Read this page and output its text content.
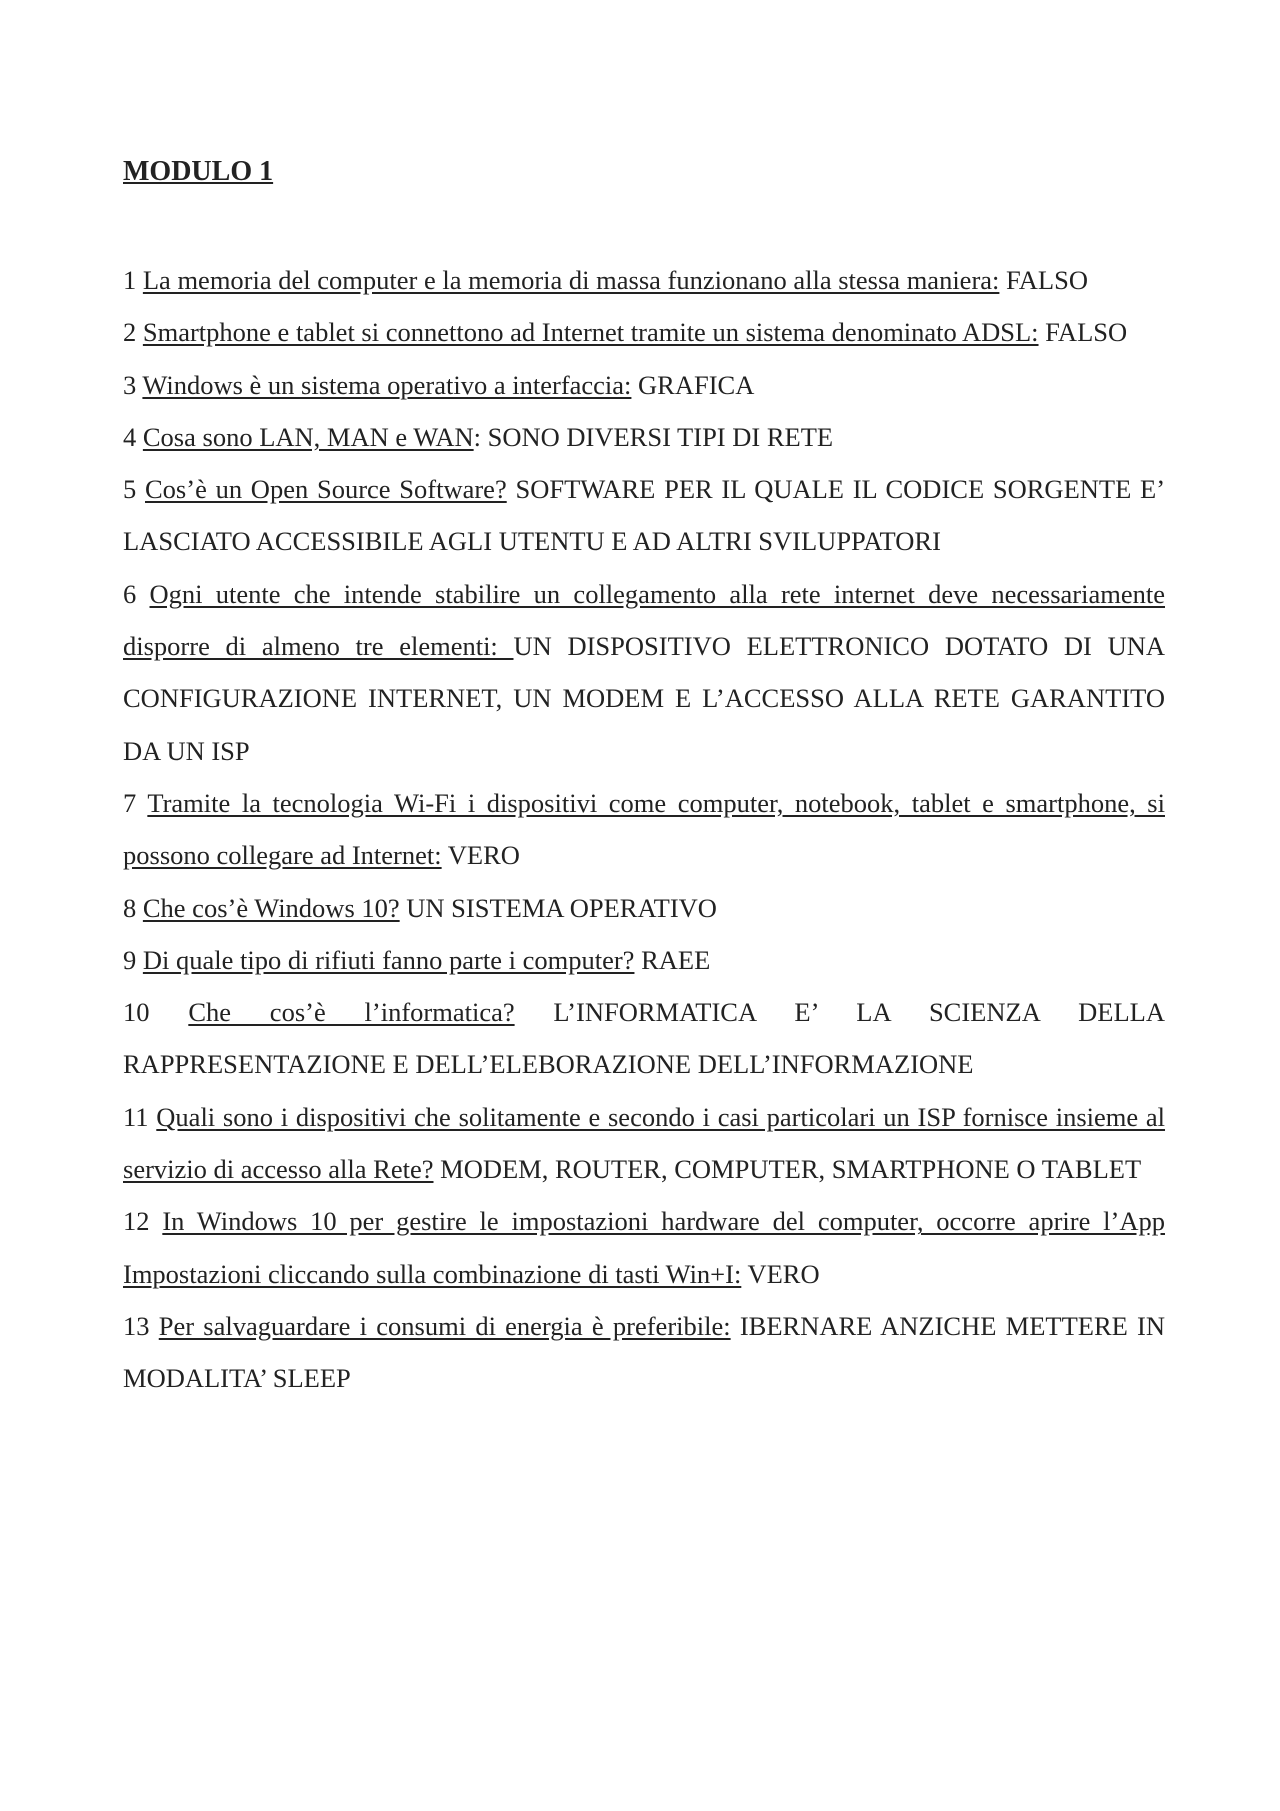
MODULO 1

1 La memoria del computer e la memoria di massa funzionano alla stessa maniera: FALSO

2 Smartphone e tablet si connettono ad Internet tramite un sistema denominato ADSL: FALSO

3 Windows è un sistema operativo a interfaccia: GRAFICA

4 Cosa sono LAN, MAN e WAN: SONO DIVERSI TIPI DI RETE

5 Cos’è un Open Source Software? SOFTWARE PER IL QUALE IL CODICE SORGENTE E’ LASCIATO ACCESSIBILE AGLI UTENTU E AD ALTRI SVILUPPATORI

6 Ogni utente che intende stabilire un collegamento alla rete internet deve necessariamente disporre di almeno tre elementi: UN DISPOSITIVO ELETTRONICO DOTATO DI UNA CONFIGURAZIONE INTERNET, UN MODEM E L’ACCESSO ALLA RETE GARANTITO DA UN ISP

7 Tramite la tecnologia Wi-Fi i dispositivi come computer, notebook, tablet e smartphone, si possono collegare ad Internet: VERO

8 Che cos’è Windows 10? UN SISTEMA OPERATIVO

9 Di quale tipo di rifiuti fanno parte i computer? RAEE

10 Che cos’è l’informatica? L’INFORMATICA E’ LA SCIENZA DELLA RAPPRESENTAZIONE E DELL’ELEBORAZIONE DELL’INFORMAZIONE

11 Quali sono i dispositivi che solitamente e secondo i casi particolari un ISP fornisce insieme al servizio di accesso alla Rete? MODEM, ROUTER, COMPUTER, SMARTPHONE O TABLET

12 In Windows 10 per gestire le impostazioni hardware del computer, occorre aprire l’App Impostazioni cliccando sulla combinazione di tasti Win+I: VERO

13 Per salvaguardare i consumi di energia è preferibile: IBERNARE ANZICHE METTERE IN MODALITA’ SLEEP
